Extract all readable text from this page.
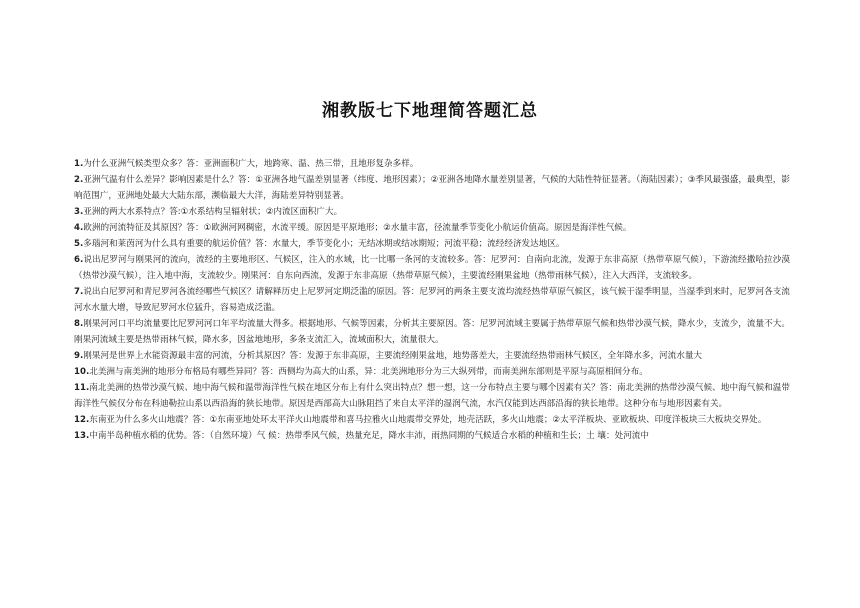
湘教版七下地理简答题汇总

1.为什么亚洲气候类型众多？答：亚洲面积广大，地跨寒、温、热三带，且地形复杂多样。

2.亚洲气温有什么差异？影响因素是什么？答：①亚洲各地气温差别显著（纬度、地形因素）；②亚洲各地降水量差别显著，气候的大陆性特征显著。（海陆因素）；③季风最强盛，最典型，影响范围广，亚洲地处最大大陆东部，濒临最大大洋，海陆差异特别显著。

3.亚洲的两大水系特点？答:①水系结构呈辐射状；②内流区面积广大。

4.欧洲的河流特征及其原因？答：①欧洲河网稠密，水流平缓。原因是平原地形；②水量丰富，径流量季节变化小航运价值高。原因是海洋性气候。

5.多瑙河和莱茵河为什么具有重要的航运价值？答：水量大，季节变化小；无结冰期或结冰期短；河流平稳；流经经济发达地区。

6.说出尼罗河与刚果河的流向，流经的主要地形区、气候区，注入的水域，比一比哪一条河的支流较多。答：尼罗河：自南向北流，发源于东非高原（热带草原气候），下游流经撒哈拉沙漠（热带沙漠气候），注入地中海，支流较少。刚果河：自东向西流，发源于东非高原（热带草原气候），主要流经刚果盆地（热带雨林气候），注入大西洋，支流较多。

7.说出白尼罗河和青尼罗河各流经哪些气候区？请解释历史上尼罗河定期泛滥的原因。答：尼罗河的两条主要支流均流经热带草原气候区，该气候干湿季明显，当湿季到来时，尼罗河各支流河水水量大增，导致尼罗河水位猛升，容易造成泛滥。

8.刚果河河口平均流量要比尼罗河河口年平均流量大得多。根据地形、气候等因素，分析其主要原因。答：尼罗河流域主要属于热带草原气候和热带沙漠气候，降水少，支流少，流量不大。刚果河流域主要是热带雨林气候，降水多，因盆地地形，多条支流汇入，流域面积大，流量很大。

9.刚果河是世界上水能资源最丰富的河流，分析其原因？答：发源于东非高原，主要流经刚果盆地，地势落差大，主要流经热带雨林气候区，全年降水多，河流水量大

10.北美洲与南美洲的地形分布格局有哪些异同？答：西侧均为高大的山系，异：北美洲地形分为三大纵列带，而南美洲东部则是平原与高原相间分布。

11.南北美洲的热带沙漠气候、地中海气候和温带海洋性气候在地区分布上有什么突出特点？想一想，这一分布特点主要与哪个因素有关？答：南北美洲的热带沙漠气候、地中海气候和温带海洋性气候仅分布在科迪勒拉山系以西沿海的狭长地带。原因是西部高大山脉阻挡了来自太平洋的湿润气流，水汽仅能到达西部沿海的狭长地带。这种分布与地形因素有关。

12.东南亚为什么多火山地震？答：①东南亚地处环太平洋火山地震带和喜马拉雅火山地震带交界处，地壳活跃，多火山地震；②太平洋板块、亚欧板块、印度洋板块三大板块交界处。

13.中南半岛种植水稻的优势。答：（自然环境）气 候：热带季风气候，热量充足，降水丰沛，雨热同期的气候适合水稻的种植和生长；土 壤：处河流中
